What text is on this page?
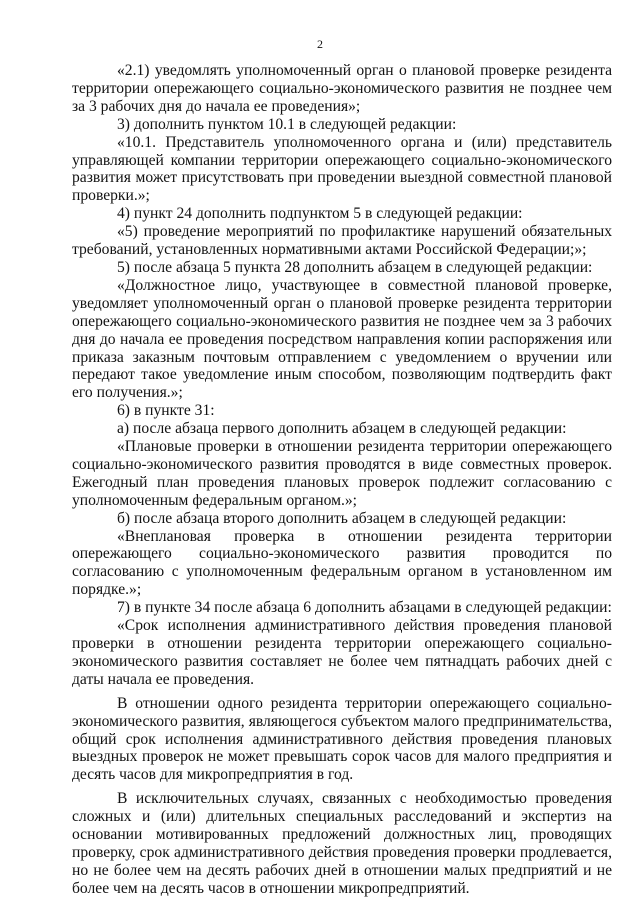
2

«2.1) уведомлять уполномоченный орган о плановой проверке резидента территории опережающего социально-экономического развития не позднее чем за 3 рабочих дня до начала ее проведения»;

3) дополнить пунктом 10.1 в следующей редакции:

«10.1. Представитель уполномоченного органа и (или) представитель управляющей компании территории опережающего социально-экономического развития может присутствовать при проведении выездной совместной плановой проверки.»;

4) пункт 24 дополнить подпунктом 5 в следующей редакции:

«5) проведение мероприятий по профилактике нарушений обязательных требований, установленных нормативными актами Российской Федерации;»;

5) после абзаца 5 пункта 28 дополнить абзацем в следующей редакции:

«Должностное лицо, участвующее в совместной плановой проверке, уведомляет уполномоченный орган о плановой проверке резидента территории опережающего социально-экономического развития не позднее чем за 3 рабочих дня до начала ее проведения посредством направления копии распоряжения или приказа заказным почтовым отправлением с уведомлением о вручении или передают такое уведомление иным способом, позволяющим подтвердить факт его получения.»;

6) в пункте 31:

а) после абзаца первого дополнить абзацем в следующей редакции:

«Плановые проверки в отношении резидента территории опережающего социально-экономического развития проводятся в виде совместных проверок. Ежегодный план проведения плановых проверок подлежит согласованию с уполномоченным федеральным органом.»;

б) после абзаца второго дополнить абзацем в следующей редакции:

«Внеплановая проверка в отношении резидента территории опережающего социально-экономического развития проводится по согласованию с уполномоченным федеральным органом в установленном им порядке.»;

7) в пункте 34 после абзаца 6 дополнить абзацами в следующей редакции:

«Срок исполнения административного действия проведения плановой проверки в отношении резидента территории опережающего социально-экономического развития составляет не более чем пятнадцать рабочих дней с даты начала ее проведения.

В отношении одного резидента территории опережающего социально-экономического развития, являющегося субъектом малого предпринимательства, общий срок исполнения административного действия проведения плановых выездных проверок не может превышать сорок часов для малого предприятия и десять часов для микропредприятия в год.

В исключительных случаях, связанных с необходимостью проведения сложных и (или) длительных специальных расследований и экспертиз на основании мотивированных предложений должностных лиц, проводящих проверку, срок административного действия проведения проверки продлевается, но не более чем на десять рабочих дней в отношении малых предприятий и не более чем на десять часов в отношении микропредприятий.
